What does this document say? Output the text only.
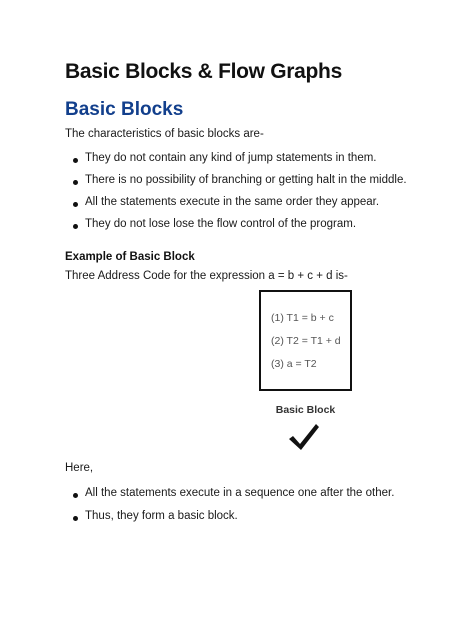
Basic Blocks & Flow Graphs
Basic Blocks
The characteristics of basic blocks are-
They do not contain any kind of jump statements in them.
There is no possibility of branching or getting halt in the middle.
All the statements execute in the same order they appear.
They do not lose lose the flow control of the program.
Example of Basic Block
Three Address Code for the expression a = b + c + d is-
(1) T1 = b + c
(2) T2 = T1 + d
(3) a = T2
Basic Block
Here,
All the statements execute in a sequence one after the other.
Thus, they form a basic block.
